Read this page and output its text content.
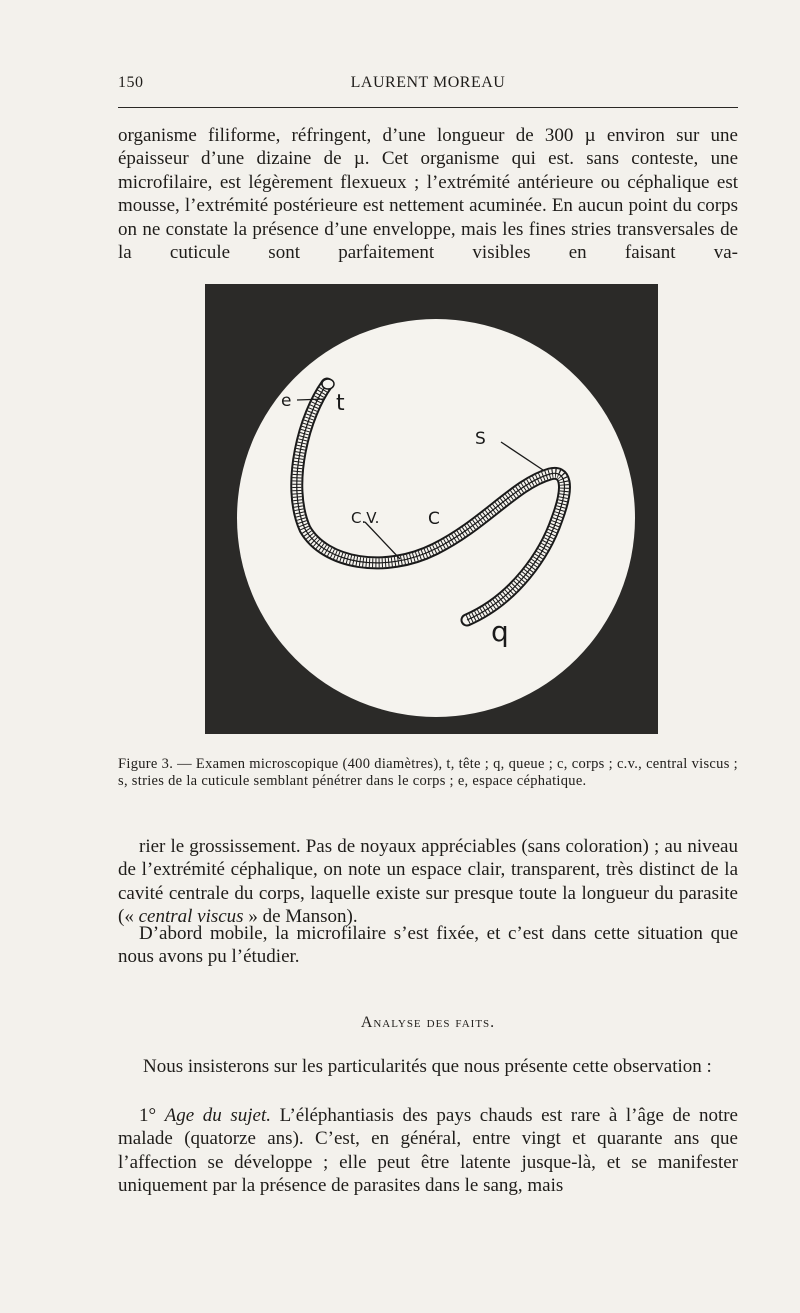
150	LAURENT MOREAU

organisme filiforme, réfringent, d’une longueur de 300 µ environ sur une épaisseur d’une dizaine de µ. Cet organisme qui est. sans conteste, une microfilaire, est légèrement flexueux ; l’extrémité antérieure ou céphalique est mousse, l’extrémité postérieure est nettement acuminée. En aucun point du corps on ne constate la présence d’une enveloppe, mais les fines stries transversales de la cuticule sont parfaitement visibles en faisant va-

e t
S
C.V.	C
q

Figure 3. — Examen microscopique (400 diamètres), t, tête ; q, queue ; c, corps ; c.v., central viscus ; s, stries de la cuticule semblant pénétrer dans le corps ; e, espace céphatique.

rier le grossissement. Pas de noyaux appréciables (sans coloration) ; au niveau de l’extrémité céphalique, on note un espace clair, transparent, très distinct de la cavité centrale du corps, laquelle existe sur presque toute la longueur du parasite (« central viscus » de Manson).

D’abord mobile, la microfilaire s’est fixée, et c’est dans cette situation que nous avons pu l’étudier.

Analyse des faits.

Nous insisterons sur les particularités que nous présente cette observation :

1° Age du sujet. L’éléphantiasis des pays chauds est rare à l’âge de notre malade (quatorze ans). C’est, en général, entre vingt et quarante ans que l’affection se développe ; elle peut être latente jusque-là, et se manifester uniquement par la présence de parasites dans le sang, mais
